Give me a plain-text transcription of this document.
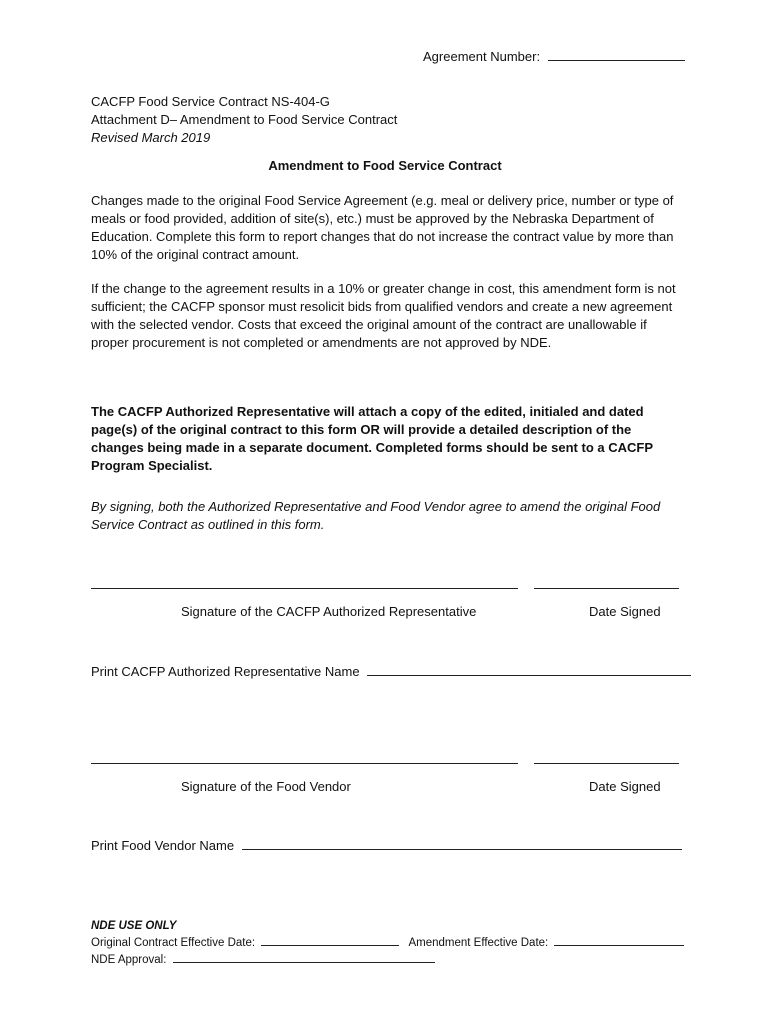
Agreement Number:
CACFP Food Service Contract NS-404-G
Attachment D– Amendment to Food Service Contract
Revised March 2019
Amendment to Food Service Contract
Changes made to the original Food Service Agreement (e.g. meal or delivery price, number or type of meals or food provided, addition of site(s), etc.) must be approved by the Nebraska Department of Education. Complete this form to report changes that do not increase the contract value by more than 10% of the original contract amount.
If the change to the agreement results in a 10% or greater change in cost, this amendment form is not sufficient; the CACFP sponsor must resolicit bids from qualified vendors and create a new agreement with the selected vendor. Costs that exceed the original amount of the contract are unallowable if proper procurement is not completed or amendments are not approved by NDE.
The CACFP Authorized Representative will attach a copy of the edited, initialed and dated page(s) of the original contract to this form OR will provide a detailed description of the changes being made in a separate document. Completed forms should be sent to a CACFP Program Specialist.
By signing, both the Authorized Representative and Food Vendor agree to amend the original Food Service Contract as outlined in this form.
Signature of the CACFP Authorized Representative	Date Signed
Print CACFP Authorized Representative Name
Signature of the Food Vendor	Date Signed
Print Food Vendor Name
NDE USE ONLY
Original Contract Effective Date:	Amendment Effective Date:
NDE Approval:
